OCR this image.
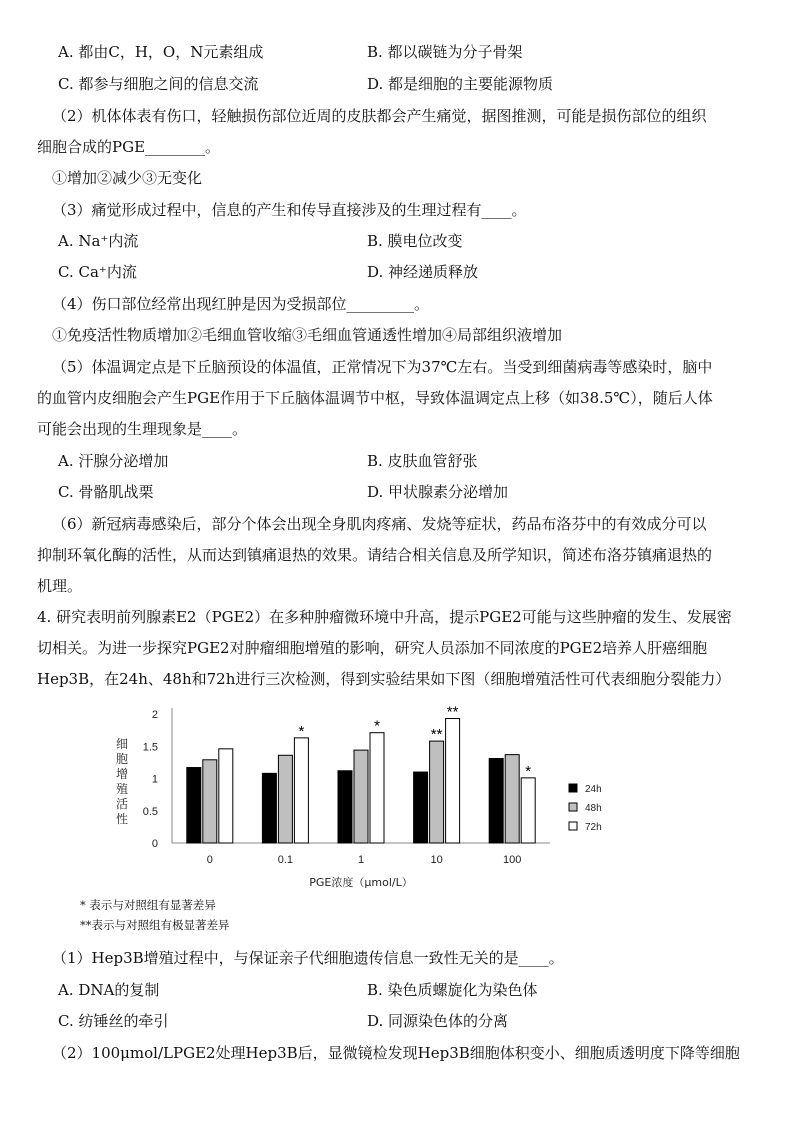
A. 都由C，H，O，N元素组成	B. 都以碳链为分子骨架
C. 都参与细胞之间的信息交流	D. 都是细胞的主要能源物质
（2）机体体表有伤口，轻触损伤部位近周的皮肤都会产生痛觉，据图推测，可能是损伤部位的组织
细胞合成的PGE________。
①增加②减少③无变化
（3）痛觉形成过程中，信息的产生和传导直接涉及的生理过程有____。
A. Na⁺内流	B. 膜电位改变
C. Ca⁺内流	D. 神经递质释放
（4）伤口部位经常出现红肿是因为受损部位_________。
①免疫活性物质增加②毛细血管收缩③毛细血管通透性增加④局部组织液增加
（5）体温调定点是下丘脑预设的体温值，正常情况下为37℃左右。当受到细菌病毒等感染时，脑中
的血管内皮细胞会产生PGE作用于下丘脑体温调节中枢，导致体温调定点上移（如38.5℃），随后人体
可能会出现的生理现象是____。
A. 汗腺分泌增加	B. 皮肤血管舒张
C. 骨骼肌战栗	D. 甲状腺素分泌增加
（6）新冠病毒感染后，部分个体会出现全身肌肉疼痛、发烧等症状，药品布洛芬中的有效成分可以
抑制环氧化酶的活性，从而达到镇痛退热的效果。请结合相关信息及所学知识，简述布洛芬镇痛退热的
机理。
4. 研究表明前列腺素E2（PGE2）在多种肿瘤微环境中升高，提示PGE2可能与这些肿瘤的发生、发展密
切相关。为进一步探究PGE2对肿瘤细胞增殖的影响，研究人员添加不同浓度的PGE2培养人肝癌细胞
Hep3B，在24h、48h和72h进行三次检测，得到实验结果如下图（细胞增殖活性可代表细胞分裂能力）
0
0.5
1
1.5
2
细
胞
增
殖
活
性
0	0.1	1	10	100
*	*	**
**
*
PGE浓度（μmol/L）
24h
48h
72h
* 表示与对照组有显著差异
**表示与对照组有极显著差异
（1）Hep3B增殖过程中，与保证亲子代细胞遗传信息一致性无关的是____。
A. DNA的复制	B. 染色质螺旋化为染色体
C. 纺锤丝的牵引	D. 同源染色体的分离
（2）100μmol/LPGE2处理Hep3B后，显微镜检发现Hep3B细胞体积变小、细胞质透明度下降等细胞
